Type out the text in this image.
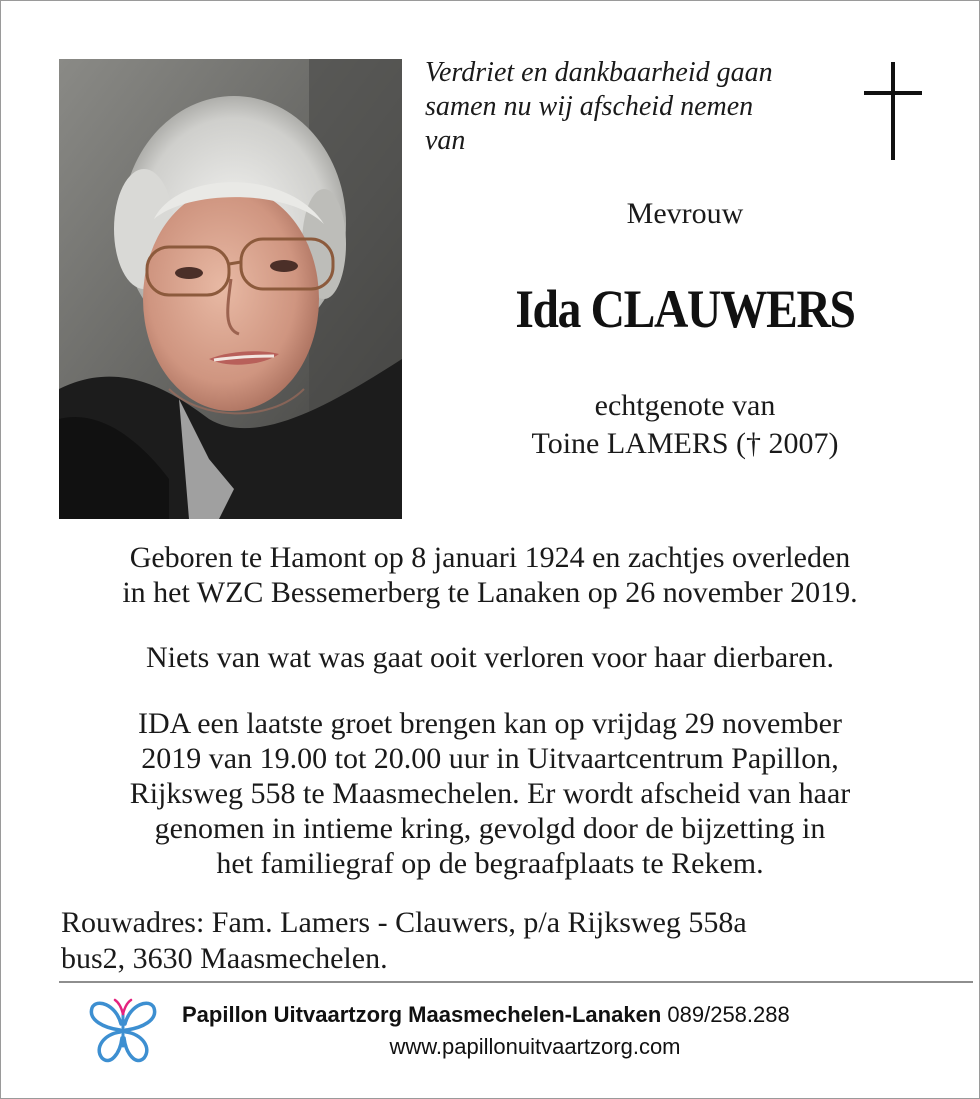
Verdriet en dankbaarheid gaan
samen nu wij afscheid nemen
van
Mevrouw
Ida CLAUWERS
echtgenote van
Toine LAMERS († 2007)
Geboren te Hamont op 8 januari 1924 en zachtjes overleden
in het WZC Bessemerberg te Lanaken op 26 november 2019.
Niets van wat was gaat ooit verloren voor haar dierbaren.
IDA een laatste groet brengen kan op vrijdag 29 november
2019 van 19.00 tot 20.00 uur in Uitvaartcentrum Papillon,
Rijksweg 558 te Maasmechelen. Er wordt afscheid van haar
genomen in intieme kring, gevolgd door de bijzetting in
het familiegraf op de begraafplaats te Rekem.
Rouwadres: Fam. Lamers - Clauwers, p/a Rijksweg 558a
bus2, 3630 Maasmechelen.
Papillon Uitvaartzorg Maasmechelen-Lanaken 089/258.288
www.papillonuitvaartzorg.com
